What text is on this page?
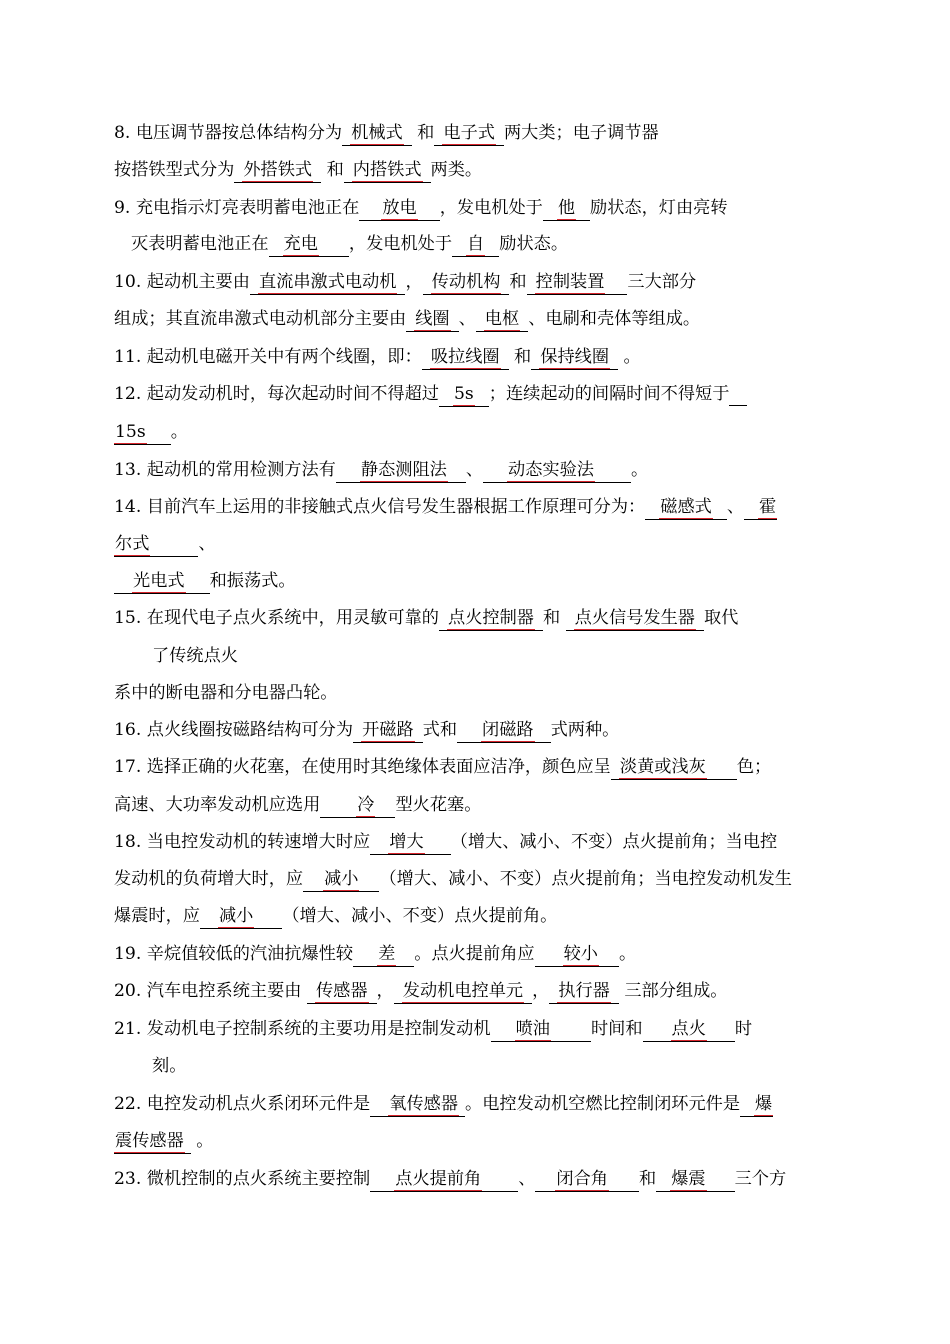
8. 电压调节器按总体结构分为 机械式 和 电子式 两大类；电子调节器
按搭铁型式分为 外搭铁式 和 内搭铁式 两类。
9. 充电指示灯亮表明蓄电池正在 放电 ，发电机处于 他 励状态，灯由亮转
灭表明蓄电池正在 充电 ，发电机处于 自 励状态。
10. 起动机主要由 直流串激式电动机 ， 传动机构 和 控制装置 三大部分
组成；其直流串激式电动机部分主要由 线圈 、 电枢 、电刷和壳体等组成。
11. 起动机电磁开关中有两个线圈，即： 吸拉线圈 和 保持线圈 。
12. 起动发动机时，每次起动时间不得超过 5s ；连续起动的间隔时间不得短于
15s 。
13. 起动机的常用检测方法有 静态测阻法 、 动态实验法 。
14. 目前汽车上运用的非接触式点火信号发生器根据工作原理可分为： 磁感式 、 霍
尔式	、
光电式 和振荡式。
15. 在现代电子点火系统中，用灵敏可靠的 点火控制器 和 点火信号发生器 取代
了传统点火
系中的断电器和分电器凸轮。
16. 点火线圈按磁路结构可分为 开磁路 式和 闭磁路 式两种。
17. 选择正确的火花塞，在使用时其绝缘体表面应洁净，颜色应呈 淡黄或浅灰 色；
高速、大功率发动机应选用 冷 型火花塞。
18. 当电控发动机的转速增大时应 增大 （增大、减小、不变）点火提前角；当电控
发动机的负荷增大时，应 减小 （增大、减小、不变）点火提前角；当电控发动机发生
爆震时，应 减小 （增大、减小、不变）点火提前角。
19. 辛烷值较低的汽油抗爆性较 差 。点火提前角应 较小 。
20. 汽车电控系统主要由 传感器 ， 发动机电控单元 ， 执行器 三部分组成。
21. 发动机电子控制系统的主要功用是控制发动机 喷油 时间和 点火 时
刻。
22. 电控发动机点火系闭环元件是 氧传感器 。电控发动机空燃比控制闭环元件是 爆
震传感器 。
23. 微机控制的点火系统主要控制 点火提前角 、 闭合角 和 爆震 三个方
